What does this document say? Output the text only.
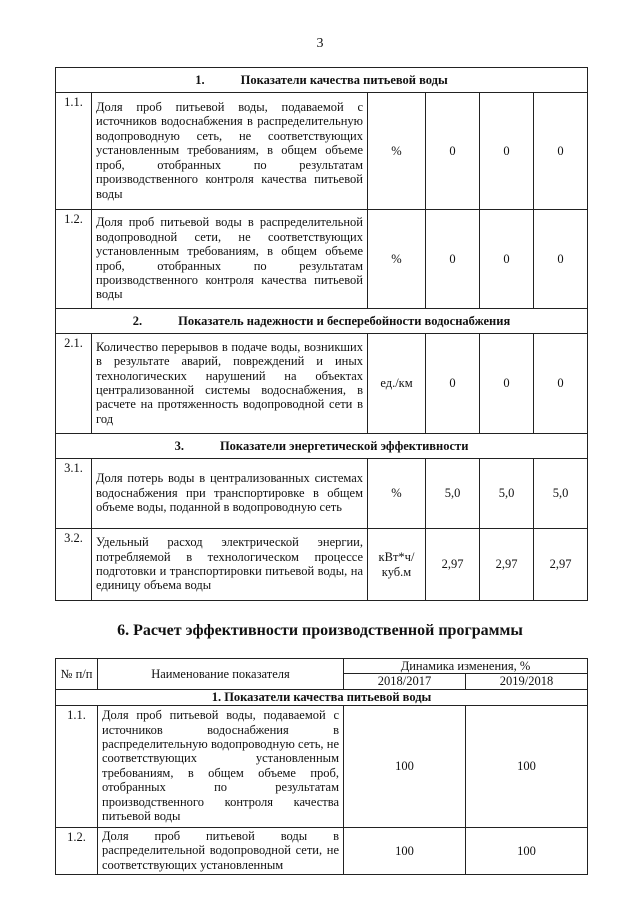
3
1. Показатели качества питьевой воды					
1.1.	Доля проб питьевой воды, подаваемой с источников водоснабжения в распределительную водопроводную сеть, не соответствующих установленным требованиям, в общем объеме проб, отобранных по результатам производственного контроля качества питьевой воды	%	0	0	0
1.2.	Доля проб питьевой воды в распределительной водопроводной сети, не соответствующих установленным требованиям, в общем объеме проб, отобранных по результатам производственного контроля качества питьевой воды	%	0	0	0
2. Показатель надежности и бесперебойности водоснабжения					
2.1.	Количество перерывов в подаче воды, возникших в результате аварий, повреждений и иных технологических нарушений на объектах централизованной системы водоснабжения, в расчете на протяженность водопроводной сети в год	ед./км	0	0	0
3. Показатели энергетической эффективности					
3.1.	Доля потерь воды в централизованных системах водоснабжения при транспортировке в общем объеме воды, поданной в водопроводную сеть	%	5,0	5,0	5,0
3.2.	Удельный расход электрической энергии, потребляемой в технологическом процессе подготовки и транспортировки питьевой воды, на единицу объема воды	кВт*ч/ куб.м	2,97	2,97	2,97
6. Расчет эффективности производственной программы
№ п/п	Наименование показателя	Динамика изменения, %	
		2018/2017	2019/2018
1. Показатели качества питьевой воды			
1.1.	Доля проб питьевой воды, подаваемой с источников водоснабжения в распределительную водопроводную сеть, не соответствующих установленным требованиям, в общем объеме проб, отобранных по результатам производственного контроля качества питьевой воды	100	100
1.2.	Доля проб питьевой воды в распределительной водопроводной сети, не соответствующих установленным	100	100
